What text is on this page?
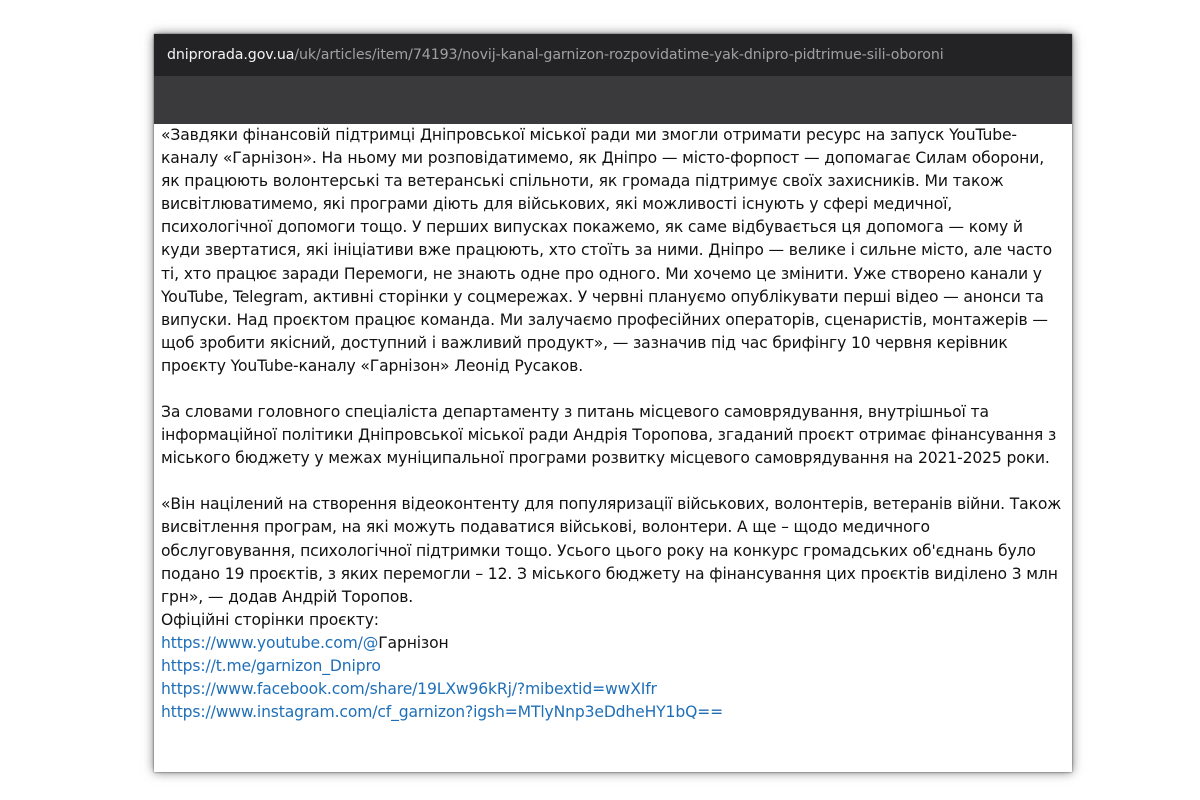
dniprorada.gov.ua /uk/articles/item/74193/novij-kanal-garnizon-rozpovidatime-yak-dnipro-pidtrimue-sili-oboroni

«Завдяки фінансовій підтримці Дніпровської міської ради ми змогли отримати ресурс на запуск YouTube-каналу «Гарнізон». На ньому ми розповідатимемо, як Дніпро — місто-форпост — допомагає Силам оборони, як працюють волонтерські та ветеранські спільноти, як громада підтримує своїх захисників. Ми також висвітлюватимемо, які програми діють для військових, які можливості існують у сфері медичної, психологічної допомоги тощо. У перших випусках покажемо, як саме відбувається ця допомога — кому й куди звертатися, які ініціативи вже працюють, хто стоїть за ними. Дніпро — велике і сильне місто, але часто ті, хто працює заради Перемоги, не знають одне про одного. Ми хочемо це змінити. Уже створено канали у YouTube, Telegram, активні сторінки у соцмережах. У червні плануємо опублікувати перші відео — анонси та випуски. Над проєктом працює команда. Ми залучаємо професійних операторів, сценаристів, монтажерів — щоб зробити якісний, доступний і важливий продукт», — зазначив під час брифінгу 10 червня керівник проєкту YouTube-каналу «Гарнізон» Леонід Русаков.

За словами головного спеціаліста департаменту з питань місцевого самоврядування, внутрішньої та інформаційної політики Дніпровської міської ради Андрія Торопова, згаданий проєкт отримає фінансування з міського бюджету у межах муніципальної програми розвитку місцевого самоврядування на 2021-2025 роки.

«Він націлений на створення відеоконтенту для популяризації військових, волонтерів, ветеранів війни. Також висвітлення програм, на які можуть подаватися військові, волонтери. А ще – щодо медичного обслуговування, психологічної підтримки тощо. Усього цього року на конкурс громадських об'єднань було подано 19 проєктів, з яких перемогли – 12. З міського бюджету на фінансування цих проєктів виділено 3 млн грн», — додав Андрій Торопов.

Офіційні сторінки проєкту:

https://www.youtube.com/@Гарнізон
https://t.me/garnizon_Dnipro
https://www.facebook.com/share/19LXw96kRj/?mibextid=wwXIfr
https://www.instagram.com/cf_garnizon?igsh=MTlyNnp3eDdheHY1bQ==
